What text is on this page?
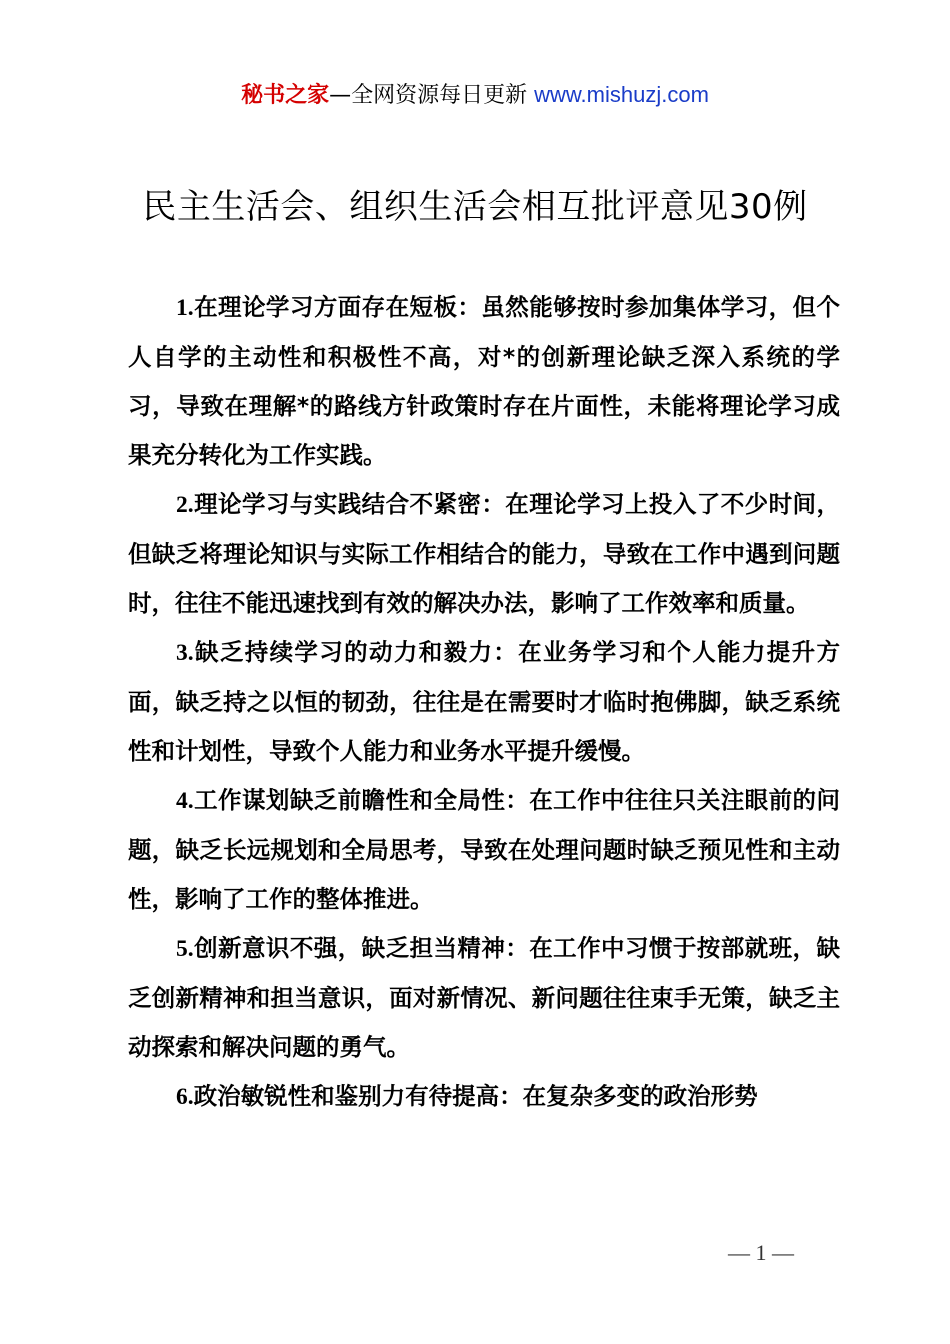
秘书之家—全网资源每日更新 www.mishuzj.com
民主生活会、组织生活会相互批评意见30例

1.在理论学习方面存在短板：虽然能够按时参加集体学习，但个人自学的主动性和积极性不高，对*的创新理论缺乏深入系统的学习，导致在理解*的路线方针政策时存在片面性，未能将理论学习成果充分转化为工作实践。

2.理论学习与实践结合不紧密：在理论学习上投入了不少时间，但缺乏将理论知识与实际工作相结合的能力，导致在工作中遇到问题时，往往不能迅速找到有效的解决办法，影响了工作效率和质量。

3.缺乏持续学习的动力和毅力：在业务学习和个人能力提升方面，缺乏持之以恒的韧劲，往往是在需要时才临时抱佛脚，缺乏系统性和计划性，导致个人能力和业务水平提升缓慢。

4.工作谋划缺乏前瞻性和全局性：在工作中往往只关注眼前的问题，缺乏长远规划和全局思考，导致在处理问题时缺乏预见性和主动性，影响了工作的整体推进。

5.创新意识不强，缺乏担当精神：在工作中习惯于按部就班，缺乏创新精神和担当意识，面对新情况、新问题往往束手无策，缺乏主动探索和解决问题的勇气。

6.政治敏锐性和鉴别力有待提高：在复杂多变的政治形势

— 1 —
